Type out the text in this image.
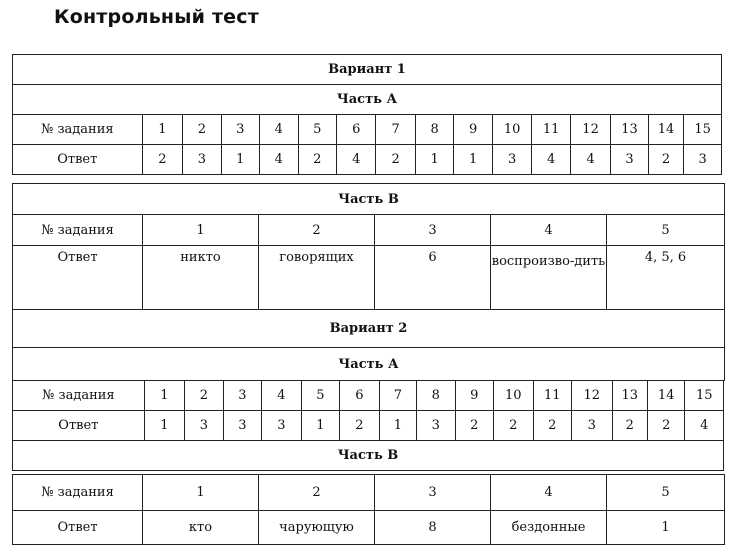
Контрольный тест
Вариант 1															
Часть А															
№ задания	1	2	3	4	5	6	7	8	9	10	11	12	13	14	15
Ответ	2	3	1	4	2	4	2	1	1	3	4	4	3	2	3
Часть В					
№ задания	1	2	3	4	5
Ответ	никто	говорящих	6	воспроизво-дить	4, 5, 6
Вариант 2					
Часть А					
№ задания	1	2	3	4	5	6	7	8	9	10	11	12	13	14	15
Ответ	1	3	3	3	1	2	1	3	2	2	2	3	2	2	4
Часть В															
№ задания	1	2	3	4	5
Ответ	кто	чарующую	8	бездонные	1
